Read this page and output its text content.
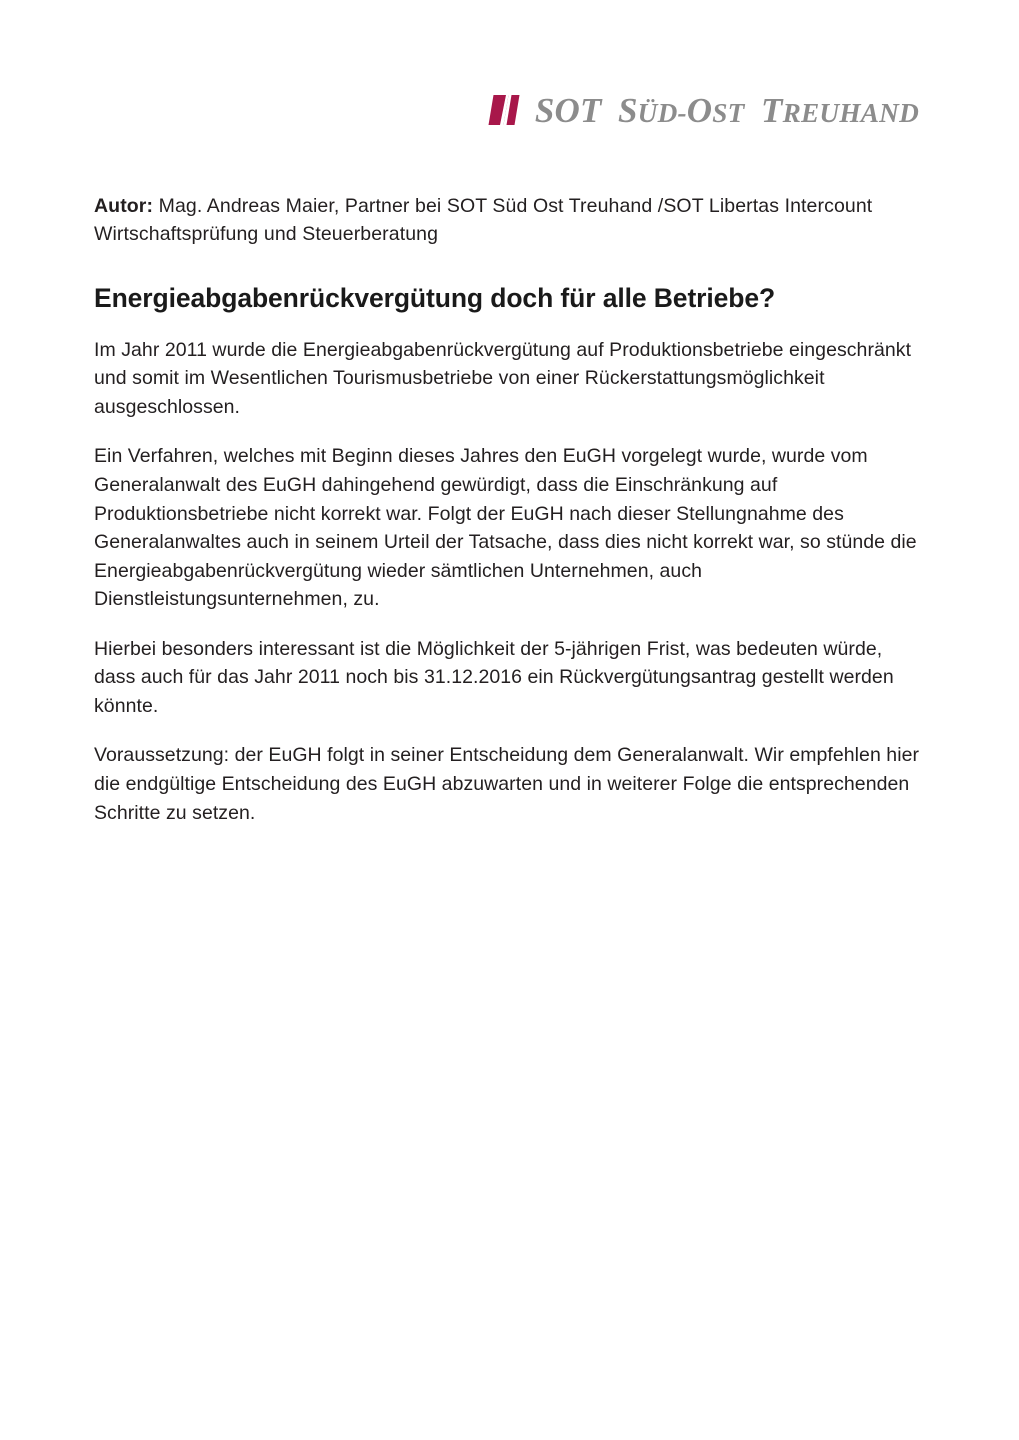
SOT SÜD-OST TREUHAND

Autor: Mag. Andreas Maier, Partner bei SOT Süd Ost Treuhand /SOT Libertas Intercount Wirtschaftsprüfung und Steuerberatung

Energieabgabenrückvergütung doch für alle Betriebe?

Im Jahr 2011 wurde die Energieabgabenrückvergütung auf Produktionsbetriebe eingeschränkt und somit im Wesentlichen Tourismusbetriebe von einer Rückerstattungsmöglichkeit ausgeschlossen.

Ein Verfahren, welches mit Beginn dieses Jahres den EuGH vorgelegt wurde, wurde vom Generalanwalt des EuGH dahingehend gewürdigt, dass die Einschränkung auf Produktionsbetriebe nicht korrekt war. Folgt der EuGH nach dieser Stellungnahme des Generalanwaltes auch in seinem Urteil der Tatsache, dass dies nicht korrekt war, so stünde die Energieabgabenrückvergütung wieder sämtlichen Unternehmen, auch Dienstleistungsunternehmen, zu.

Hierbei besonders interessant ist die Möglichkeit der 5-jährigen Frist, was bedeuten würde, dass auch für das Jahr 2011 noch bis 31.12.2016 ein Rückvergütungsantrag gestellt werden könnte.

Voraussetzung: der EuGH folgt in seiner Entscheidung dem Generalanwalt. Wir empfehlen hier die endgültige Entscheidung des EuGH abzuwarten und in weiterer Folge die entsprechenden Schritte zu setzen.
